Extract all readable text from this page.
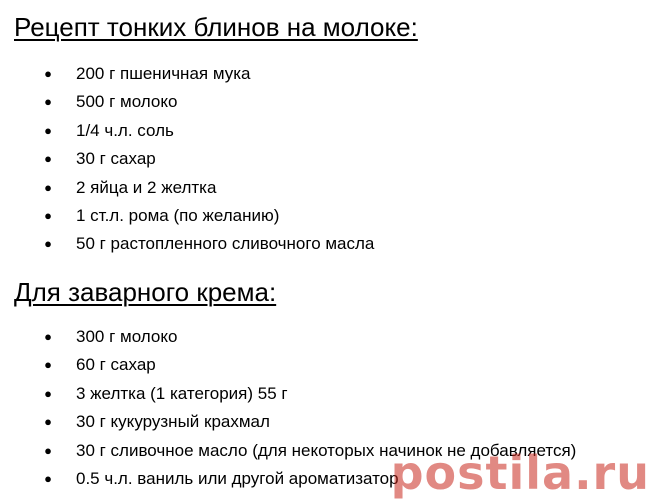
Рецепт тонких блинов на молоке:
● 200 г пшеничная мука
● 500 г молоко
● 1/4 ч.л. соль
● 30 г сахар
● 2 яйца и 2 желтка
● 1 ст.л. рома (по желанию)
● 50 г растопленного сливочного масла
Для заварного крема:
● 300 г молоко
● 60 г сахар
● 3 желтка (1 категория) 55 г
● 30 г кукурузный крахмал
● 30 г сливочное масло (для некоторых начинок не добавляется)
● 0.5 ч.л. ваниль или другой ароматизатор
postila.ru
